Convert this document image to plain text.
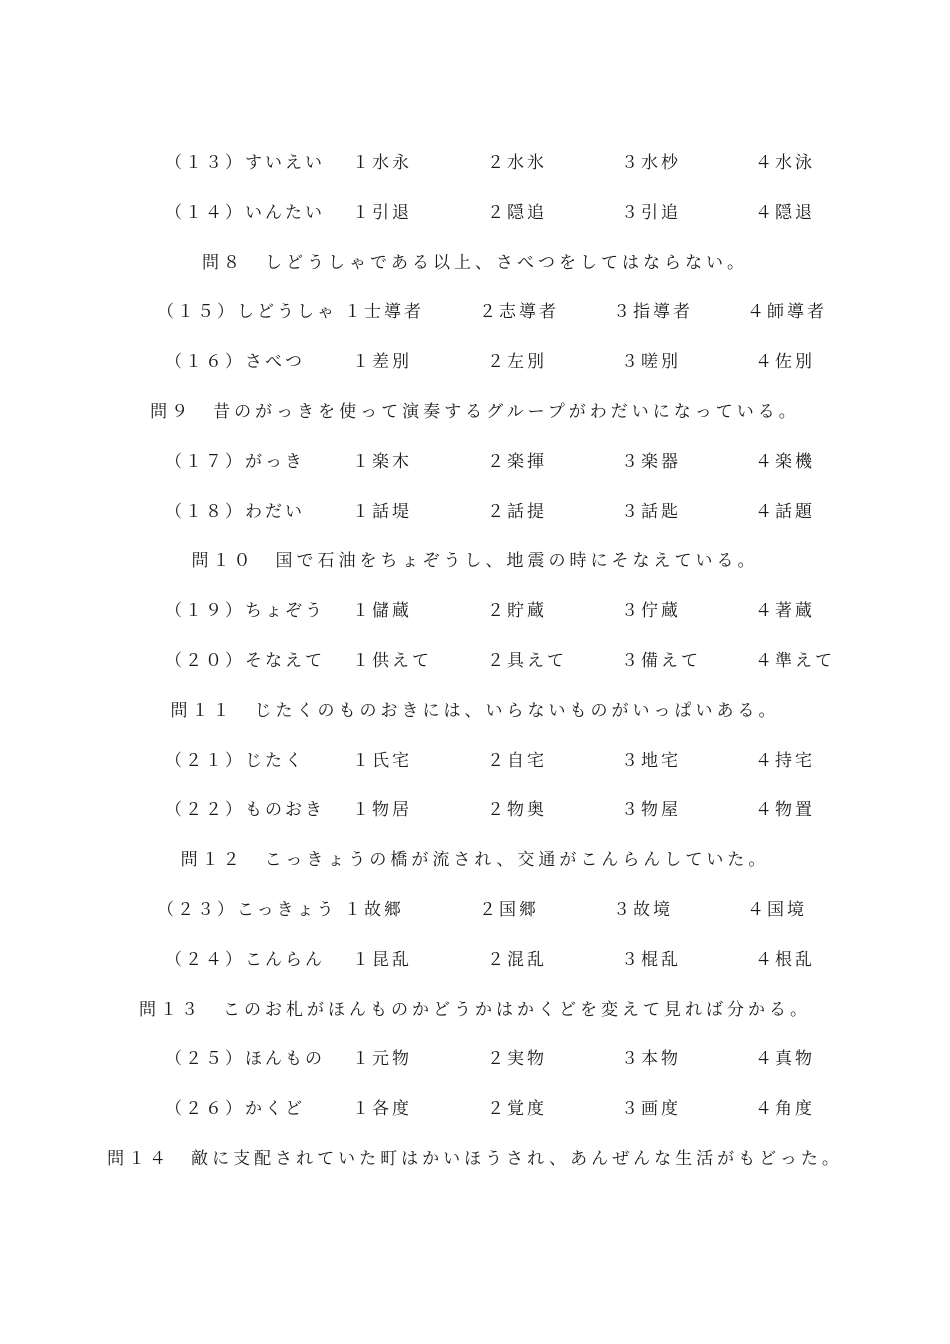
（１３）すいえい １水永	２水氷	３水杪	４水泳
（１４）いんたい １引退	２隠追	３引追	４隠退
問８　しどうしゃである以上、さべつをしてはならない。
（１５）しどうしゃ １士導者	２志導者	３指導者	４師導者
（１６）さべつ	１差別	２左別	３嗟別	４佐別
問９　昔のがっきを使って演奏するグループがわだいになっている。
（１７）がっき	１楽木	２楽揮	３楽器	４楽機
（１８）わだい	１話堤	２話提	３話匙	４話題
問１０　国で石油をちょぞうし、地震の時にそなえている。
（１９）ちょぞう １儲蔵	２貯蔵	３佇蔵	４著蔵
（２０）そなえて １供えて	２具えて	３備えて	４準えて
問１１　じたくのものおきには、いらないものがいっぱいある。
（２１）じたく	１氏宅	２自宅	３地宅	４持宅
（２２）ものおき １物居	２物奥	３物屋	４物置
問１２　こっきょうの橋が流され、交通がこんらんしていた。
（２３）こっきょう １故郷	２国郷	３故境	４国境
（２４）こんらん １昆乱	２混乱	３棍乱	４根乱
問１３　このお札がほんものかどうかはかくどを変えて見れば分かる。
（２５）ほんもの １元物	２実物	３本物	４真物
（２６）かくど	１各度	２覚度	３画度	４角度
問１４　敵に支配されていた町はかいほうされ、あんぜんな生活がもどった。
